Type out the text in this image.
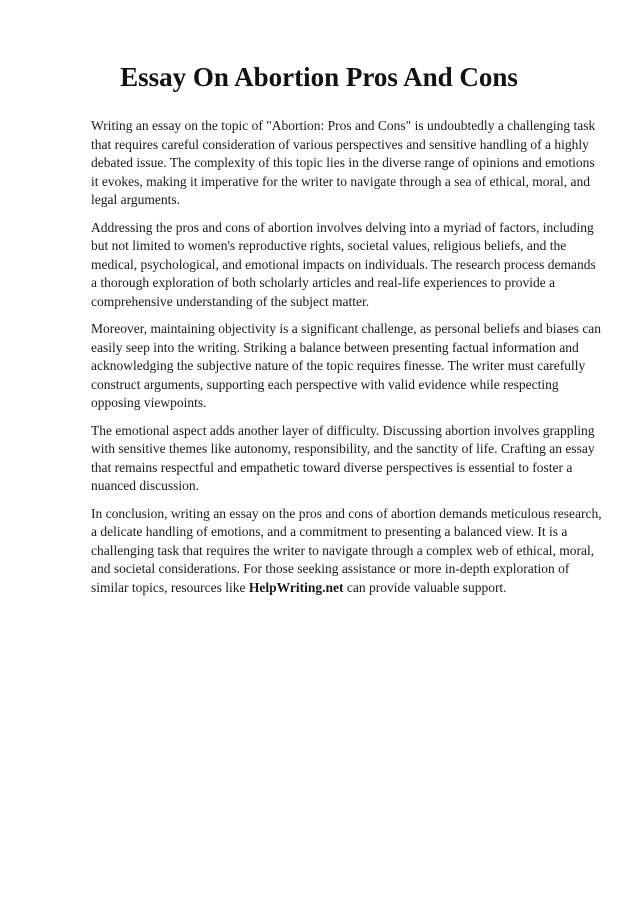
Essay On Abortion Pros And Cons

Writing an essay on the topic of "Abortion: Pros and Cons" is undoubtedly a challenging task that requires careful consideration of various perspectives and sensitive handling of a highly debated issue. The complexity of this topic lies in the diverse range of opinions and emotions it evokes, making it imperative for the writer to navigate through a sea of ethical, moral, and legal arguments.

Addressing the pros and cons of abortion involves delving into a myriad of factors, including but not limited to women's reproductive rights, societal values, religious beliefs, and the medical, psychological, and emotional impacts on individuals. The research process demands a thorough exploration of both scholarly articles and real-life experiences to provide a comprehensive understanding of the subject matter.

Moreover, maintaining objectivity is a significant challenge, as personal beliefs and biases can easily seep into the writing. Striking a balance between presenting factual information and acknowledging the subjective nature of the topic requires finesse. The writer must carefully construct arguments, supporting each perspective with valid evidence while respecting opposing viewpoints.

The emotional aspect adds another layer of difficulty. Discussing abortion involves grappling with sensitive themes like autonomy, responsibility, and the sanctity of life. Crafting an essay that remains respectful and empathetic toward diverse perspectives is essential to foster a nuanced discussion.

In conclusion, writing an essay on the pros and cons of abortion demands meticulous research, a delicate handling of emotions, and a commitment to presenting a balanced view. It is a challenging task that requires the writer to navigate through a complex web of ethical, moral, and societal considerations. For those seeking assistance or more in-depth exploration of similar topics, resources like HelpWriting.net can provide valuable support.
